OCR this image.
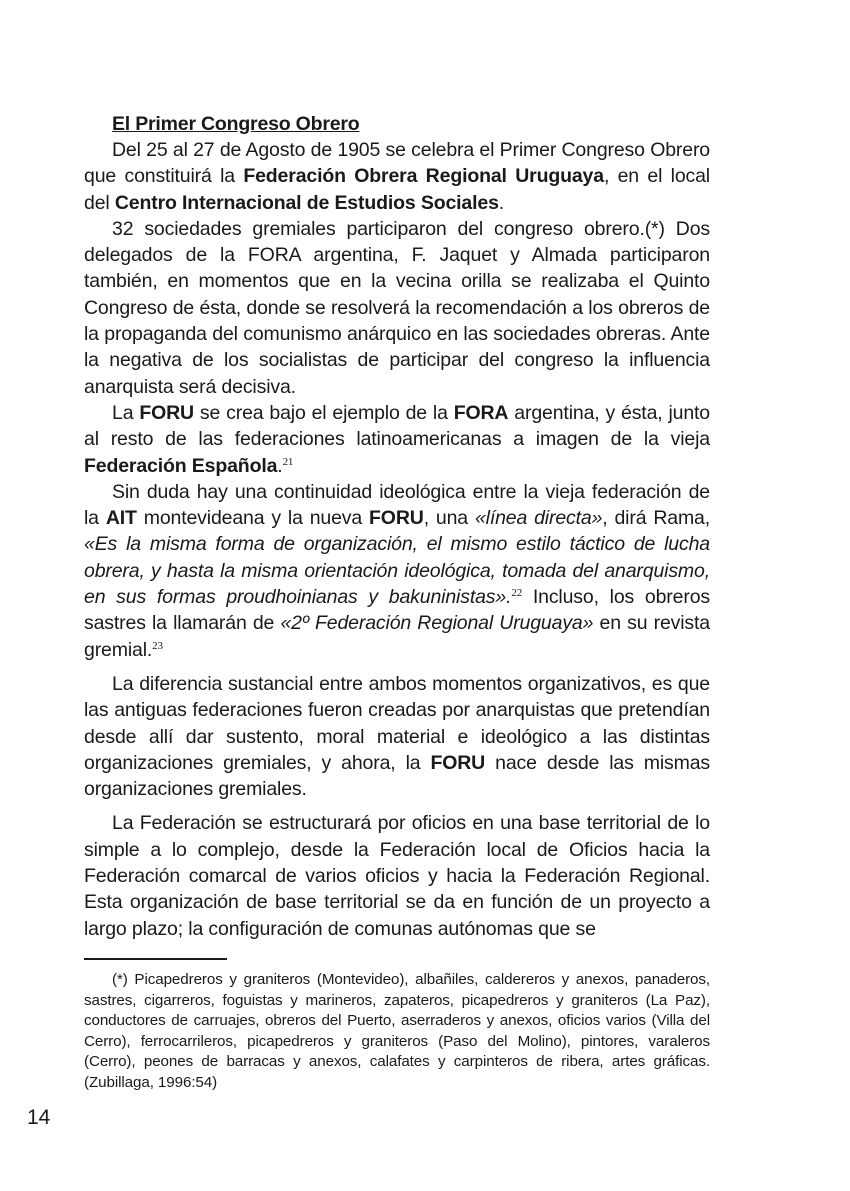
El Primer Congreso Obrero

Del 25 al 27 de Agosto de 1905 se celebra el Primer Congreso Obrero que constituirá la Federación Obrera Regional Uruguaya, en el local del Centro Internacional de Estudios Sociales.

32 sociedades gremiales participaron del congreso obrero.(*) Dos delegados de la FORA argentina, F. Jaquet y Almada participaron también, en momentos que en la vecina orilla se realizaba el Quinto Congreso de ésta, donde se resolverá la recomendación a los obreros de la propaganda del comunismo anárquico en las sociedades obreras. Ante la negativa de los socialistas de participar del congreso la influencia anarquista será decisiva.

La FORU se crea bajo el ejemplo de la FORA argentina, y ésta, junto al resto de las federaciones latinoamericanas a imagen de la vieja Federación Española.$^{21}$

Sin duda hay una continuidad ideológica entre la vieja federación de la AIT montevideana y la nueva FORU, una «línea directa», dirá Rama, «Es la misma forma de organización, el mismo estilo táctico de lucha obrera, y hasta la misma orientación ideológica, tomada del anarquismo, en sus formas proudhoinianas y bakuninistas».$^{22}$ Incluso, los obreros sastres la llamarán de «2º Federación Regional Uruguaya» en su revista gremial.$^{23}$

La diferencia sustancial entre ambos momentos organizativos, es que las antiguas federaciones fueron creadas por anarquistas que pretendían desde allí dar sustento, moral material e ideológico a las distintas organizaciones gremiales, y ahora, la FORU nace desde las mismas organizaciones gremiales.

La Federación se estructurará por oficios en una base territorial de lo simple a lo complejo, desde la Federación local de Oficios hacia la Federación comarcal de varios oficios y hacia la Federación Regional. Esta organización de base territorial se da en función de un proyecto a largo plazo; la configuración de comunas autónomas que se

(*) Picapedreros y graniteros (Montevideo), albañiles, caldereros y anexos, panaderos, sastres, cigarreros, foguistas y marineros, zapateros, picapedreros y graniteros (La Paz), conductores de carruajes, obreros del Puerto, aserraderos y anexos, oficios varios (Villa del Cerro), ferrocarrileros, picapedreros y graniteros (Paso del Molino), pintores, varaleros (Cerro), peones de barracas y anexos, calafates y carpinteros de ribera, artes gráficas. (Zubillaga, 1996:54)

14
